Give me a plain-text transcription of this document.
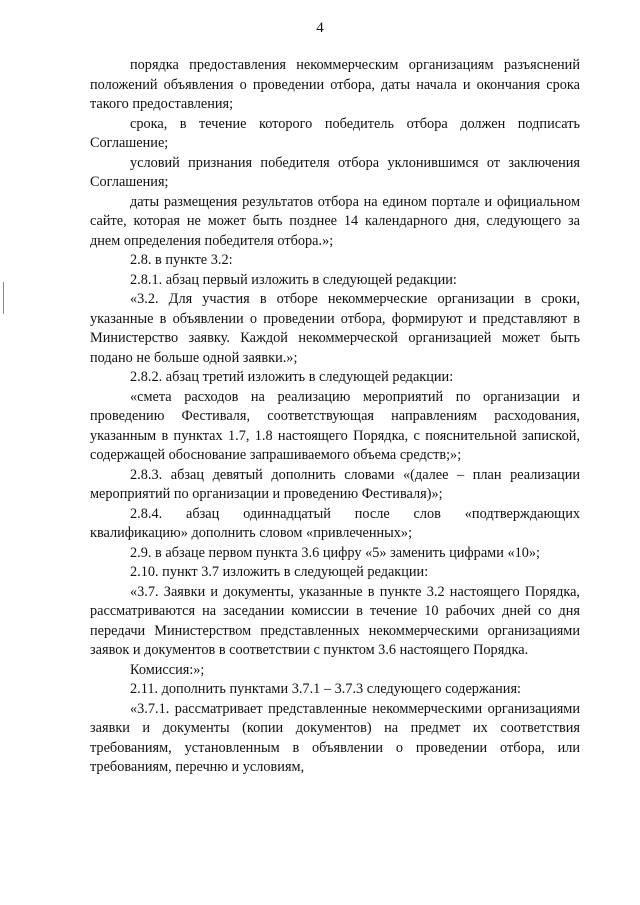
4

порядка предоставления некоммерческим организациям разъяснений положений объявления о проведении отбора, даты начала и окончания срока такого предоставления;

срока, в течение которого победитель отбора должен подписать Соглашение;

условий признания победителя отбора уклонившимся от заключения Соглашения;

даты размещения результатов отбора на едином портале и официальном сайте, которая не может быть позднее 14 календарного дня, следующего за днем определения победителя отбора.»;

2.8. в пункте 3.2:

2.8.1. абзац первый изложить в следующей редакции:

«3.2. Для участия в отборе некоммерческие организации в сроки, указанные в объявлении о проведении отбора, формируют и представляют в Министерство заявку. Каждой некоммерческой организацией может быть подано не больше одной заявки.»;

2.8.2. абзац третий изложить в следующей редакции:

«смета расходов на реализацию мероприятий по организации и проведению Фестиваля, соответствующая направлениям расходования, указанным в пунктах 1.7, 1.8 настоящего Порядка, с пояснительной запиской, содержащей обоснование запрашиваемого объема средств;»;

2.8.3. абзац девятый дополнить словами «(далее – план реализации мероприятий по организации и проведению Фестиваля)»;

2.8.4. абзац одиннадцатый после слов «подтверждающих квалификацию» дополнить словом «привлеченных»;

2.9. в абзаце первом пункта 3.6 цифру «5» заменить цифрами «10»;

2.10. пункт 3.7 изложить в следующей редакции:

«3.7. Заявки и документы, указанные в пункте 3.2 настоящего Порядка, рассматриваются на заседании комиссии в течение 10 рабочих дней со дня передачи Министерством представленных некоммерческими организациями заявок и документов в соответствии с пунктом 3.6 настоящего Порядка.

Комиссия:»;

2.11. дополнить пунктами 3.7.1 – 3.7.3 следующего содержания:

«3.7.1. рассматривает представленные некоммерческими организациями заявки и документы (копии документов) на предмет их соответствия требованиям, установленным в объявлении о проведении отбора, или требованиям, перечню и условиям,
